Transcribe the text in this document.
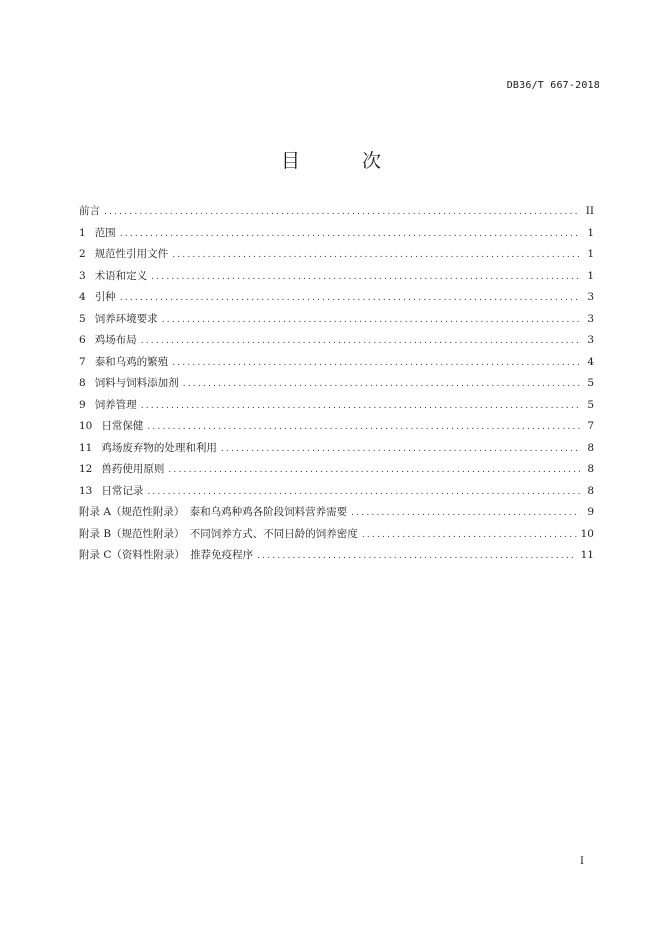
DB36/T 667-2018
目 次
前言 .....	II
1 范围 .....	1
2 规范性引用文件 .....	1
3 术语和定义 .....	1
4 引种 .....	3
5 饲养环境要求 .....	3
6 鸡场布局 .....	3
7 泰和乌鸡的繁殖 .....	4
8 饲料与饲料添加剂 .....	5
9 饲养管理 .....	5
10 日常保健 .....	7
11 鸡场废弃物的处理和利用 .....	8
12 兽药使用原则 .....	8
13 日常记录 .....	8
附录 A（规范性附录）　泰和乌鸡种鸡各阶段饲料营养需要 .....	9
附录 B（规范性附录）　不同饲养方式、不同日龄的饲养密度 .....	10
附录 C（资料性附录）　推荐免疫程序 .....	11
I
